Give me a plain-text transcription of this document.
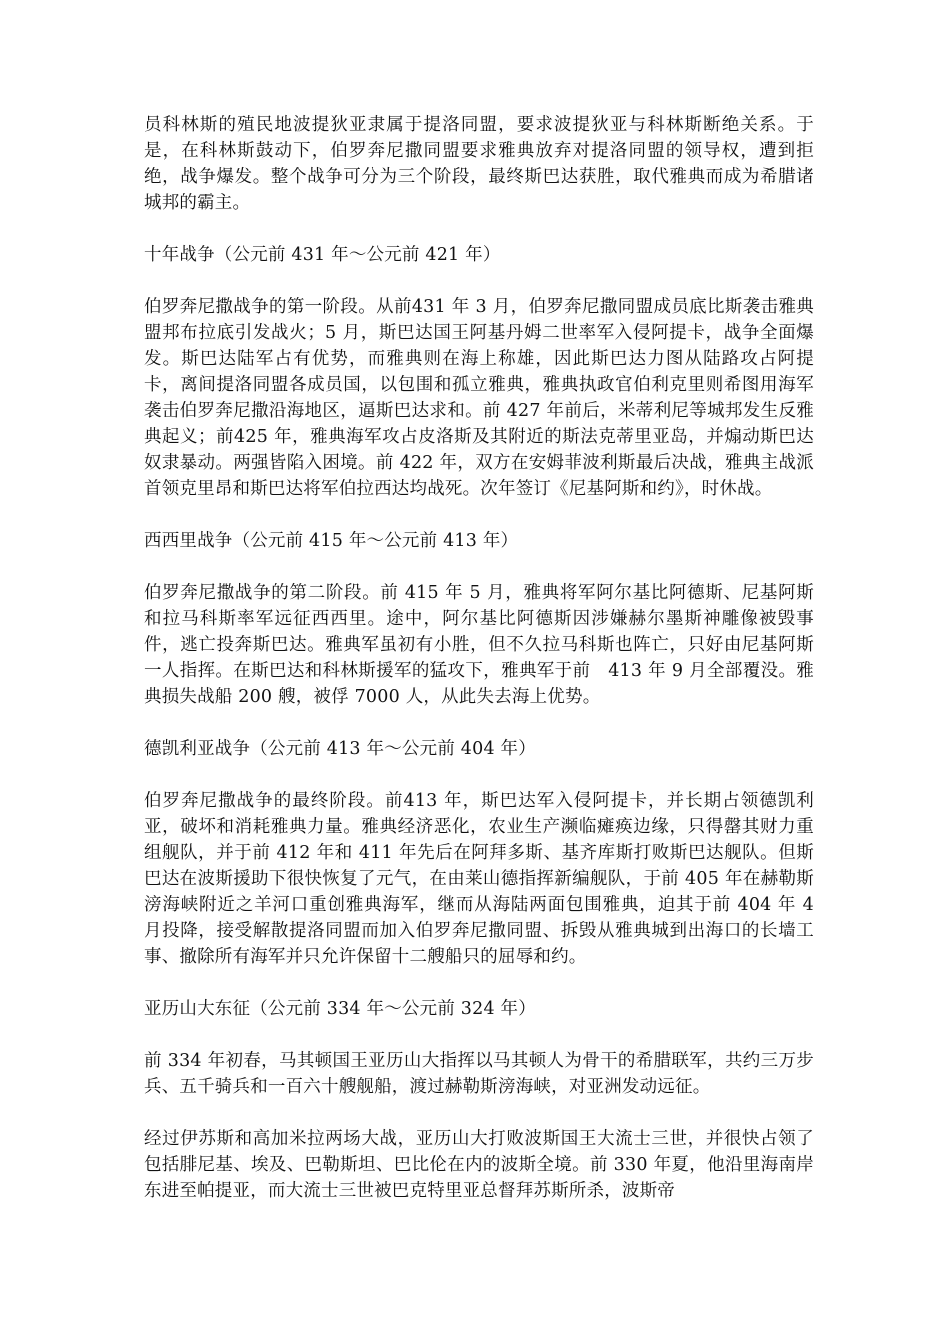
员科林斯的殖民地波提狄亚隶属于提洛同盟，要求波提狄亚与科林斯断绝关系。于是，在科林斯鼓动下，伯罗奔尼撒同盟要求雅典放弃对提洛同盟的领导权，遭到拒绝，战争爆发。整个战争可分为三个阶段，最终斯巴达获胜，取代雅典而成为希腊诸城邦的霸主。

十年战争（公元前 431 年～公元前 421 年）

伯罗奔尼撒战争的第一阶段。从前431 年 3 月，伯罗奔尼撒同盟成员底比斯袭击雅典盟邦布拉底引发战火；5 月，斯巴达国王阿基丹姆二世率军入侵阿提卡，战争全面爆发。斯巴达陆军占有优势，而雅典则在海上称雄，因此斯巴达力图从陆路攻占阿提卡，离间提洛同盟各成员国，以包围和孤立雅典，雅典执政官伯利克里则希图用海军袭击伯罗奔尼撒沿海地区，逼斯巴达求和。前 427 年前后，米蒂利尼等城邦发生反雅典起义；前425 年，雅典海军攻占皮洛斯及其附近的斯法克蒂里亚岛，并煽动斯巴达奴隶暴动。两强皆陷入困境。前 422 年，双方在安姆菲波利斯最后决战，雅典主战派首领克里昂和斯巴达将军伯拉西达均战死。次年签订《尼基阿斯和约》，时休战。

西西里战争（公元前 415 年～公元前 413 年）

伯罗奔尼撒战争的第二阶段。前 415 年 5 月，雅典将军阿尔基比阿德斯、尼基阿斯和拉马科斯率军远征西西里。途中，阿尔基比阿德斯因涉嫌赫尔墨斯神雕像被毁事件，逃亡投奔斯巴达。雅典军虽初有小胜，但不久拉马科斯也阵亡，只好由尼基阿斯一人指挥。在斯巴达和科林斯援军的猛攻下，雅典军于前　413 年 9 月全部覆没。雅典损失战船 200 艘，被俘 7000 人，从此失去海上优势。

德凯利亚战争（公元前 413 年～公元前 404 年）

伯罗奔尼撒战争的最终阶段。前413 年，斯巴达军入侵阿提卡，并长期占领德凯利亚，破坏和消耗雅典力量。雅典经济恶化，农业生产濒临瘫痪边缘，只得罄其财力重组舰队，并于前 412 年和 411 年先后在阿拜多斯、基齐库斯打败斯巴达舰队。但斯巴达在波斯援助下很快恢复了元气，在由莱山德指挥新编舰队，于前 405 年在赫勒斯滂海峡附近之羊河口重创雅典海军，继而从海陆两面包围雅典，迫其于前 404 年 4 月投降，接受解散提洛同盟而加入伯罗奔尼撒同盟、拆毁从雅典城到出海口的长墙工事、撤除所有海军并只允许保留十二艘船只的屈辱和约。

亚历山大东征（公元前 334 年～公元前 324 年）

前 334 年初春，马其顿国王亚历山大指挥以马其顿人为骨干的希腊联军，共约三万步兵、五千骑兵和一百六十艘舰船，渡过赫勒斯滂海峡，对亚洲发动远征。

经过伊苏斯和高加米拉两场大战，亚历山大打败波斯国王大流士三世，并很快占领了包括腓尼基、埃及、巴勒斯坦、巴比伦在内的波斯全境。前 330 年夏，他沿里海南岸东进至帕提亚，而大流士三世被巴克特里亚总督拜苏斯所杀，波斯帝
